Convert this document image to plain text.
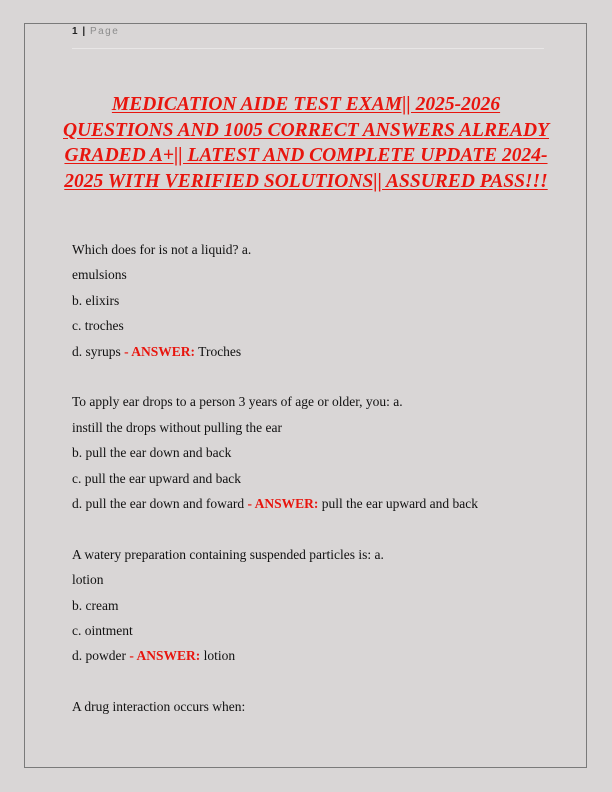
1 | Page
MEDICATION AIDE TEST EXAM|| 2025-2026 QUESTIONS AND 1005 CORRECT ANSWERS ALREADY GRADED A+|| LATEST AND COMPLETE UPDATE 2024-2025 WITH VERIFIED SOLUTIONS|| ASSURED PASS!!!
Which does for is not a liquid? a.
emulsions
b. elixirs
c. troches
d. syrups - ANSWER: Troches
To apply ear drops to a person 3 years of age or older, you: a.
instill the drops without pulling the ear
b. pull the ear down and back
c. pull the ear upward and back
d. pull the ear down and foward - ANSWER: pull the ear upward and back
A watery preparation containing suspended particles is: a.
lotion
b. cream
c. ointment
d. powder - ANSWER: lotion
A drug interaction occurs when:
